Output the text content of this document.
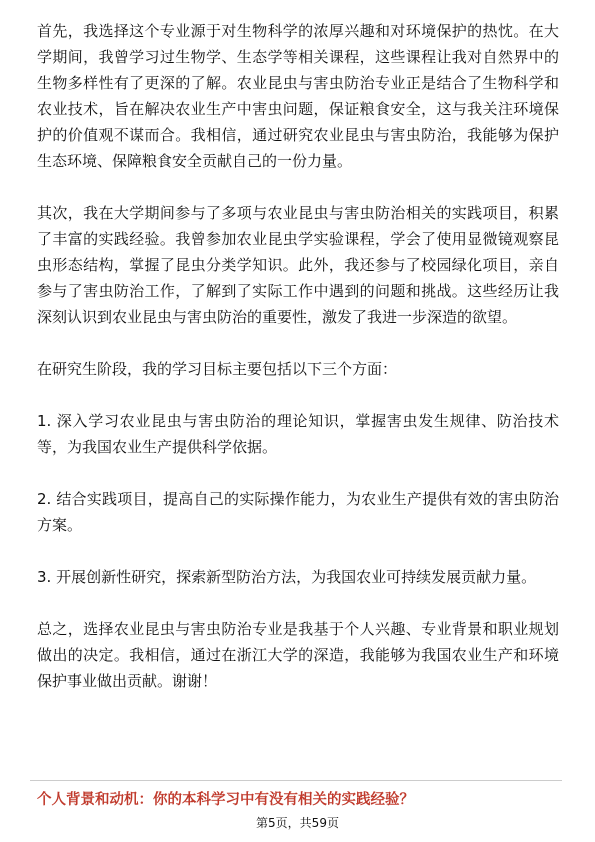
首先，我选择这个专业源于对生物科学的浓厚兴趣和对环境保护的热忱。在大学期间，我曾学习过生物学、生态学等相关课程，这些课程让我对自然界中的生物多样性有了更深的了解。农业昆虫与害虫防治专业正是结合了生物科学和农业技术，旨在解决农业生产中害虫问题，保证粮食安全，这与我关注环境保护的价值观不谋而合。我相信，通过研究农业昆虫与害虫防治，我能够为保护生态环境、保障粮食安全贡献自己的一份力量。

其次，我在大学期间参与了多项与农业昆虫与害虫防治相关的实践项目，积累了丰富的实践经验。我曾参加农业昆虫学实验课程，学会了使用显微镜观察昆虫形态结构，掌握了昆虫分类学知识。此外，我还参与了校园绿化项目，亲自参与了害虫防治工作，了解到了实际工作中遇到的问题和挑战。这些经历让我深刻认识到农业昆虫与害虫防治的重要性，激发了我进一步深造的欲望。

在研究生阶段，我的学习目标主要包括以下三个方面：

1. 深入学习农业昆虫与害虫防治的理论知识，掌握害虫发生规律、防治技术等，为我国农业生产提供科学依据。

2. 结合实践项目，提高自己的实际操作能力，为农业生产提供有效的害虫防治方案。

3. 开展创新性研究，探索新型防治方法，为我国农业可持续发展贡献力量。

总之，选择农业昆虫与害虫防治专业是我基于个人兴趣、专业背景和职业规划做出的决定。我相信，通过在浙江大学的深造，我能够为我国农业生产和环境保护事业做出贡献。谢谢！

个人背景和动机：你的本科学习中有没有相关的实践经验？
第5页，共59页
